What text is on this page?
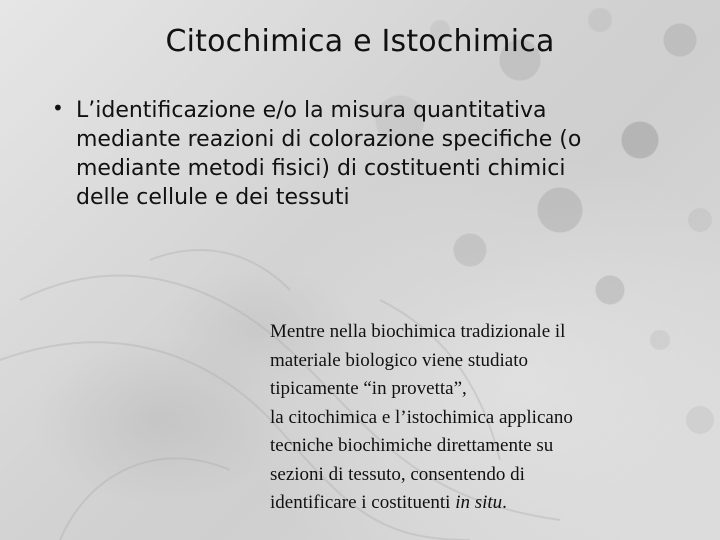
Citochimica e Istochimica
• L’identificazione e/o la misura quantitativa mediante reazioni di colorazione specifiche (o mediante metodi fisici) di costituenti chimici delle cellule e dei tessuti
Mentre nella biochimica tradizionale il
materiale biologico viene studiato
tipicamente “in provetta”,
la citochimica e l’istochimica applicano
tecniche biochimiche direttamente su
sezioni di tessuto, consentendo di
identificare i costituenti in situ.
